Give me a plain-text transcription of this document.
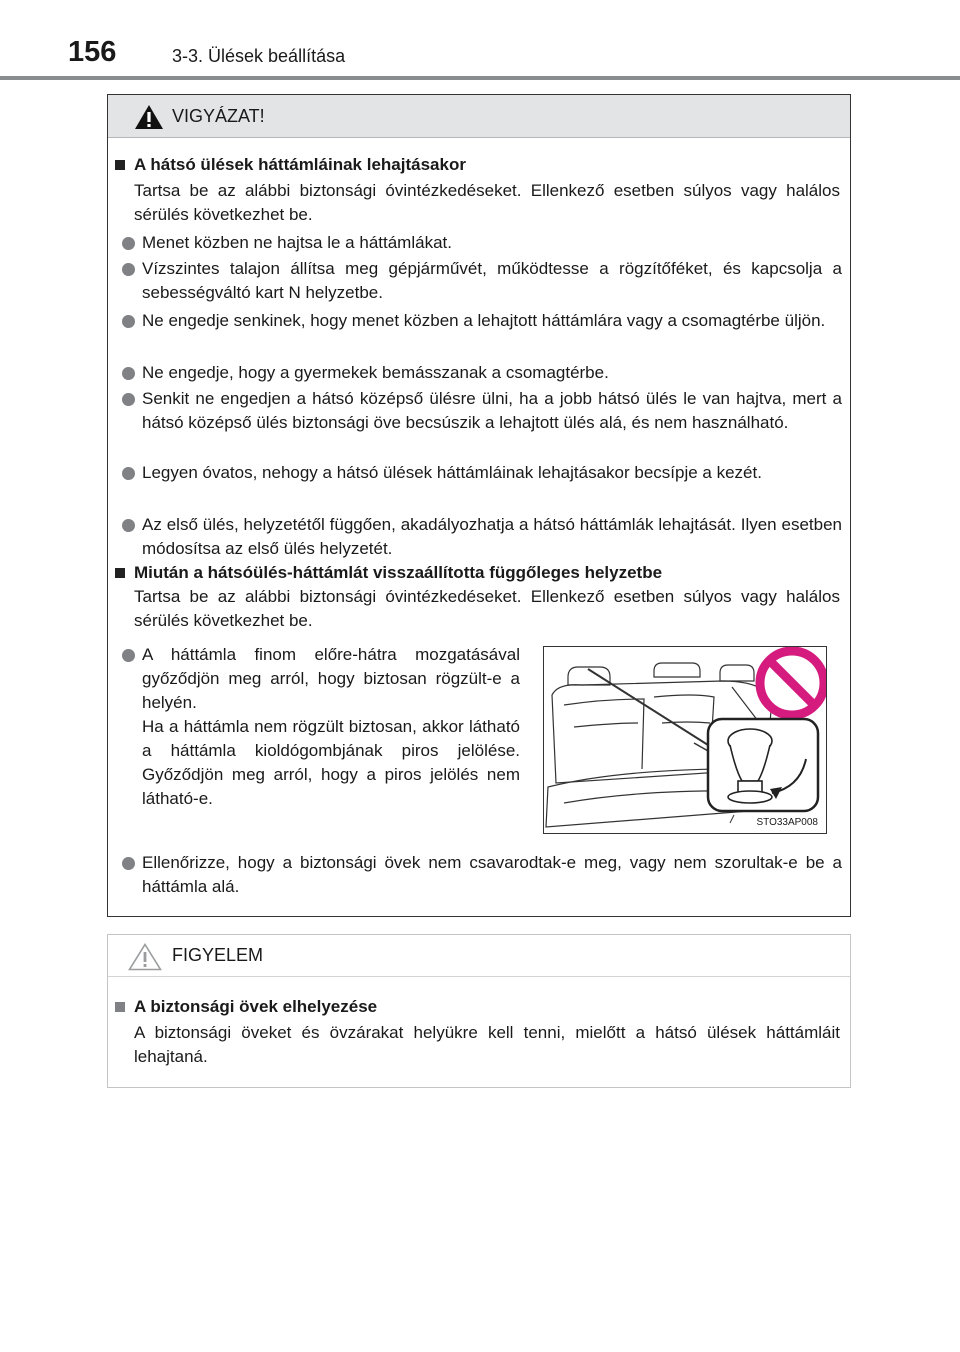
156	3-3. Ülések beállítása
VIGYÁZAT!
A hátsó ülések háttámláinak lehajtásakor
Tartsa be az alábbi biztonsági óvintézkedéseket. Ellenkező esetben súlyos vagy halálos sérülés következhet be.
Menet közben ne hajtsa le a háttámlákat.
Vízszintes talajon állítsa meg gépjárművét, működtesse a rögzítőféket, és kapcsolja a sebességváltó kart N helyzetbe.
Ne engedje senkinek, hogy menet közben a lehajtott háttámlára vagy a csomagtérbe üljön.
Ne engedje, hogy a gyermekek bemásszanak a csomagtérbe.
Senkit ne engedjen a hátsó középső ülésre ülni, ha a jobb hátsó ülés le van hajtva, mert a hátsó középső ülés biztonsági öve becsúszik a lehajtott ülés alá, és nem használható.
Legyen óvatos, nehogy a hátsó ülések háttámláinak lehajtásakor becsípje a kezét.
Az első ülés, helyzetétől függően, akadályozhatja a hátsó háttámlák lehajtását. Ilyen esetben módosítsa az első ülés helyzetét.
Miután a hátsóülés-háttámlát visszaállította függőleges helyzetbe
Tartsa be az alábbi biztonsági óvintézkedéseket. Ellenkező esetben súlyos vagy halálos sérülés következhet be.
A háttámla finom előre-hátra mozgatásával győződjön meg arról, hogy biztosan rögzült-e a helyén.
Ha a háttámla nem rögzült biztosan, akkor látható a háttámla kioldógombjának piros jelölése. Győződjön meg arról, hogy a piros jelölés nem látható-e.
Ellenőrizze, hogy a biztonsági övek nem csavarodtak-e meg, vagy nem szorultak-e be a háttámla alá.
STO33AP008
FIGYELEM
A biztonsági övek elhelyezése
A biztonsági öveket és övzárakat helyükre kell tenni, mielőtt a hátsó ülések háttámláit lehajtaná.
